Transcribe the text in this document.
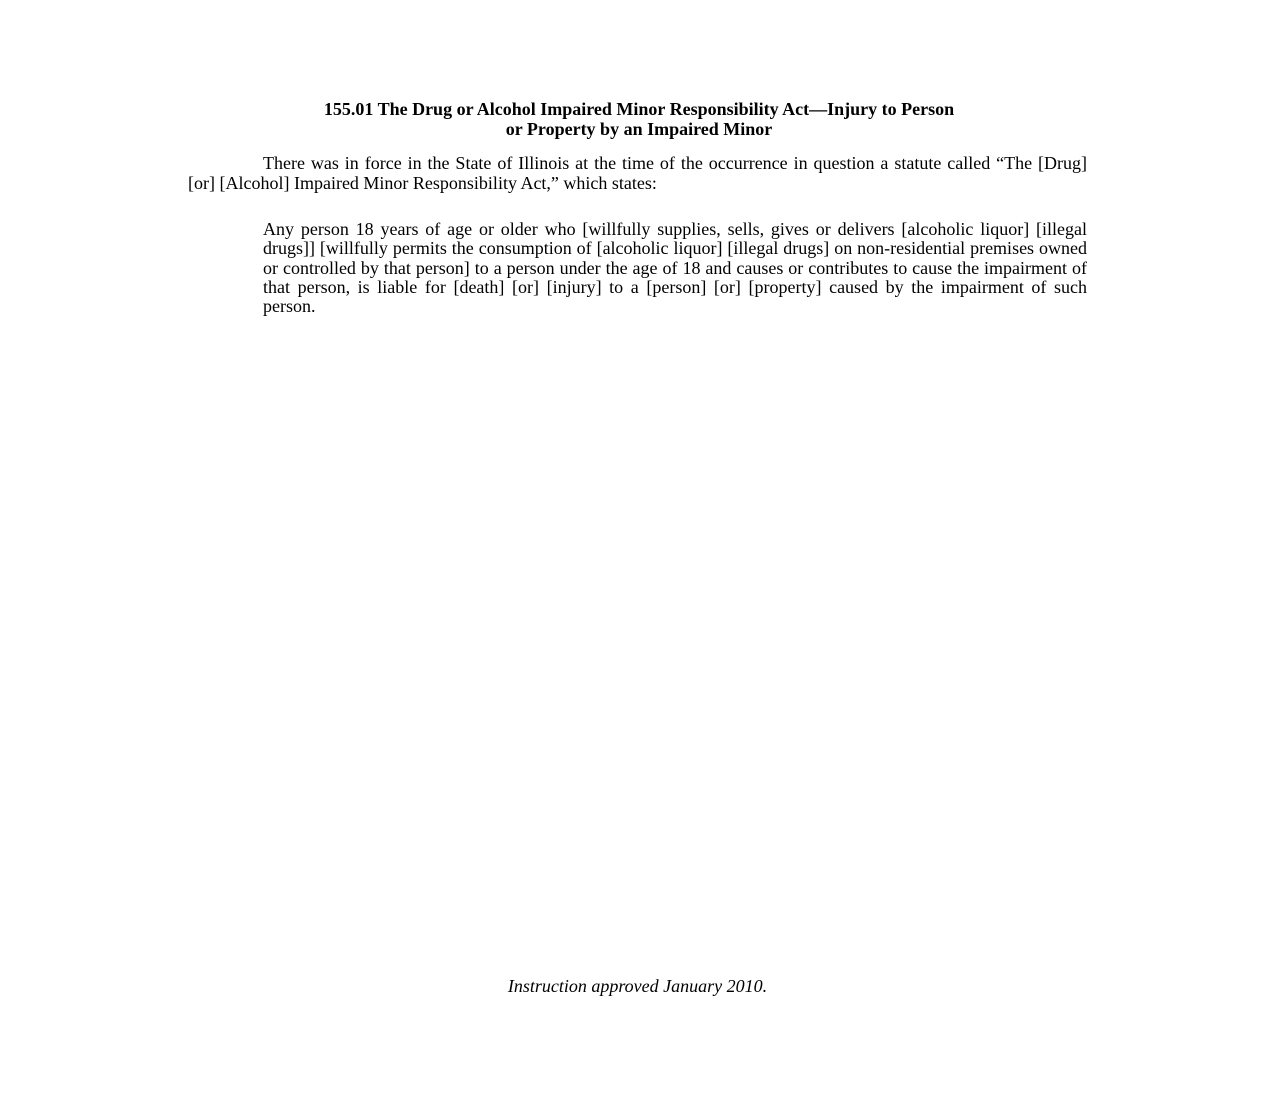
155.01 The Drug or Alcohol Impaired Minor Responsibility Act—Injury to Person
or Property by an Impaired Minor

There was in force in the State of Illinois at the time of the occurrence in question a statute called “The [Drug] [or] [Alcohol] Impaired Minor Responsibility Act,” which states:

Any person 18 years of age or older who [willfully supplies, sells, gives or delivers [alcoholic liquor] [illegal drugs]] [willfully permits the consumption of [alcoholic liquor] [illegal drugs] on non-residential premises owned or controlled by that person] to a person under the age of 18 and causes or contributes to cause the impairment of that person, is liable for [death] [or] [injury] to a [person] [or] [property] caused by the impairment of such person.

Instruction approved January 2010.
